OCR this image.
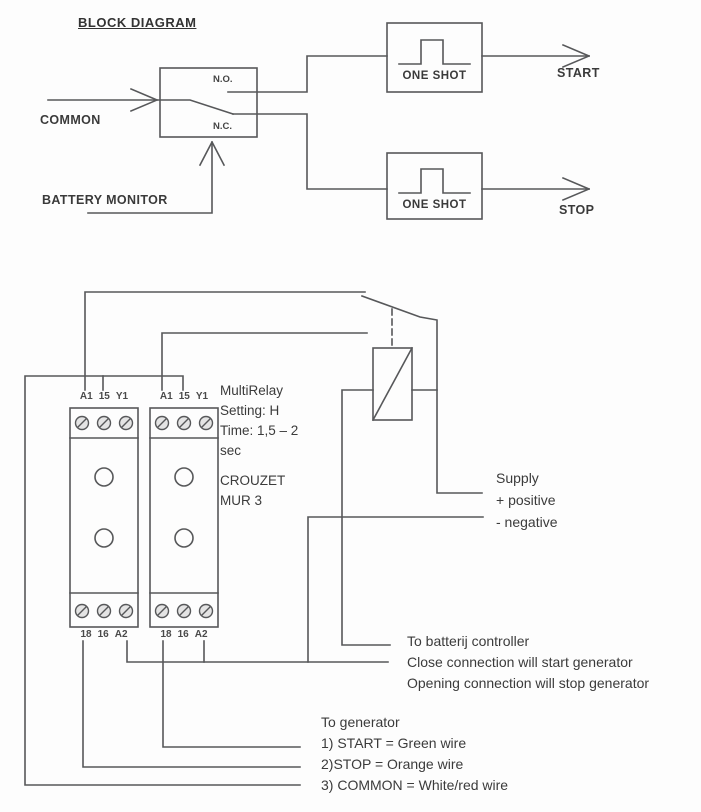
BLOCK DIAGRAM
COMMON
BATTERY MONITOR
N.O.
N.C.
ONE SHOT
ONE SHOT
START
STOP
A1 15 Y1	A1 15 Y1
18 16 A2	18 16 A2
MultiRelay
Setting: H
Time: 1,5 – 2
sec
CROUZET
MUR 3
Supply
+ positive
- negative
To batterij controller
Close connection will start generator
Opening connection will stop generator
To generator
1) START = Green wire
2)STOP = Orange wire
3) COMMON = White/red wire
